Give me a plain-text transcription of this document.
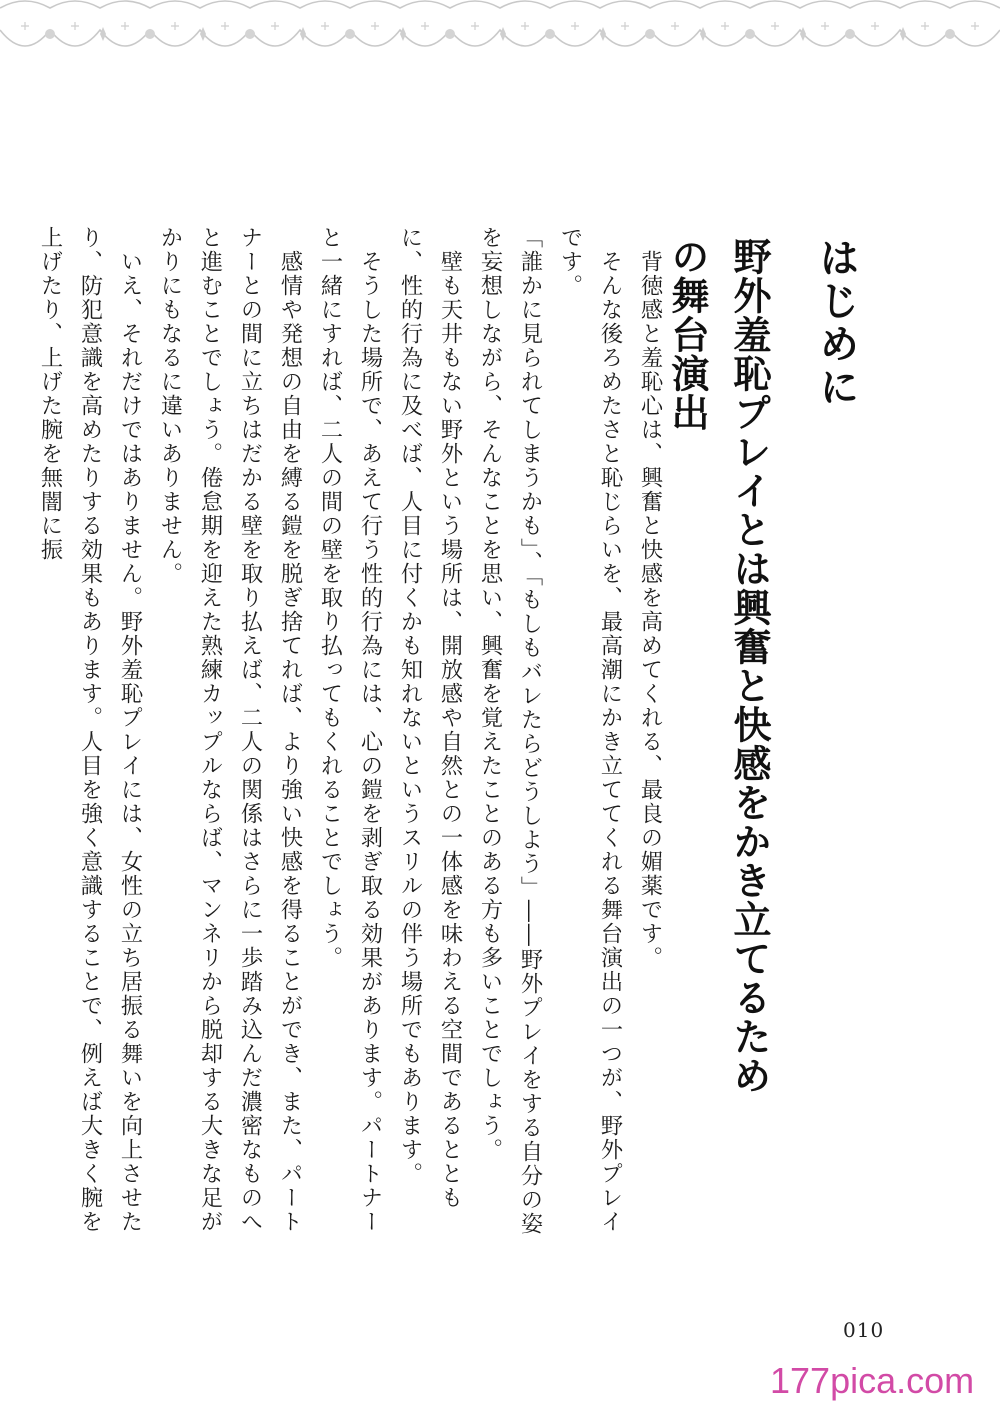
はじめに
野外羞恥プレイとは興奮と快感をかき立てるための舞台演出

　背徳感と羞恥心は、興奮と快感を高めてくれる、最良の媚薬です。

　そんな後ろめたさと恥じらいを、最高潮にかき立ててくれる舞台演出の一つが、野外プレイです。

「誰かに見られてしまうかも」、「もしもバレたらどうしよう」――野外プレイをする自分の姿を妄想しながら、そんなことを思い、興奮を覚えたことのある方も多いことでしょう。

　壁も天井もない野外という場所は、開放感や自然との一体感を味わえる空間であるとともに、性的行為に及べば、人目に付くかも知れないというスリルの伴う場所でもあります。

　そうした場所で、あえて行う性的行為には、心の鎧を剥ぎ取る効果があります。パートナーと一緒にすれば、二人の間の壁を取り払ってもくれることでしょう。

　感情や発想の自由を縛る鎧を脱ぎ捨てれば、より強い快感を得ることができ、また、パートナーとの間に立ちはだかる壁を取り払えば、二人の関係はさらに一歩踏み込んだ濃密なものへと進むことでしょう。倦怠期を迎えた熟練カップルならば、マンネリから脱却する大きな足がかりにもなるに違いありません。

　いえ、それだけではありません。野外羞恥プレイには、女性の立ち居振る舞いを向上させたり、防犯意識を高めたりする効果もあります。人目を強く意識することで、例えば大きく腕を上げたり、上げた腕を無闇に振

010
177pica.com
